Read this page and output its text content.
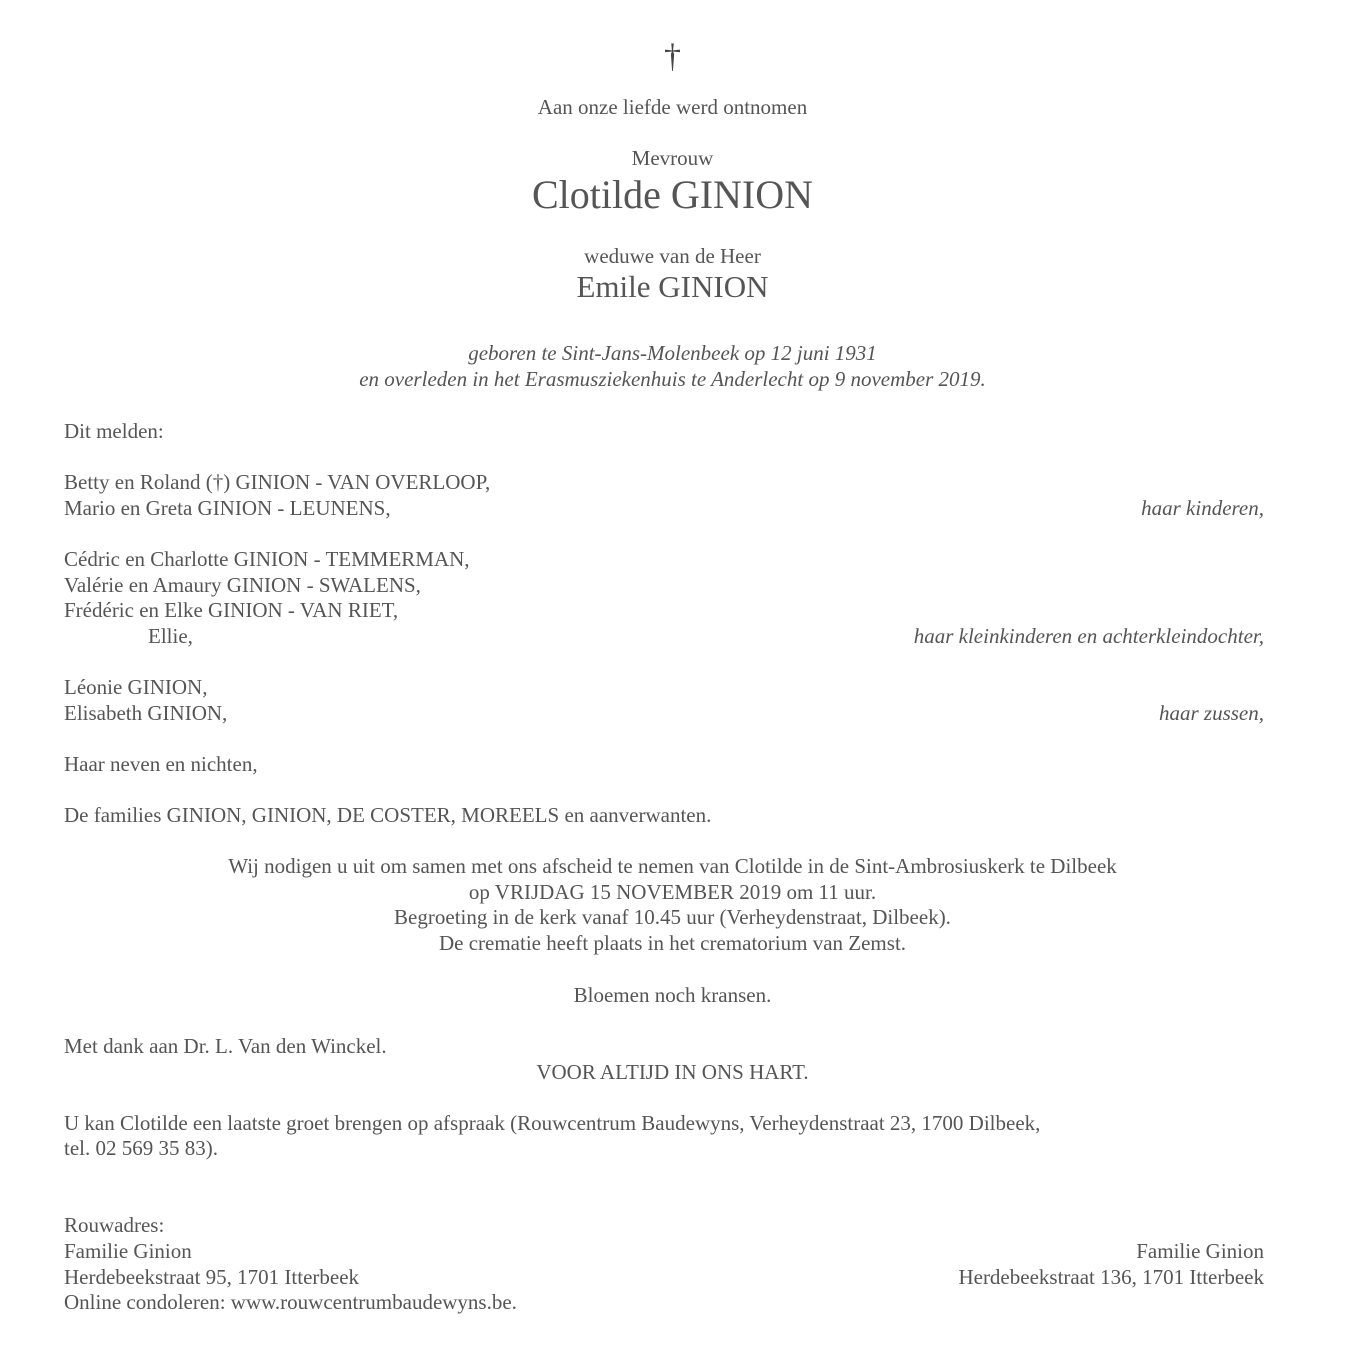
†
Aan onze liefde werd ontnomen
Mevrouw
Clotilde GINION
weduwe van de Heer
Emile GINION
geboren te Sint-Jans-Molenbeek op 12 juni 1931
en overleden in het Erasmusziekenhuis te Anderlecht op 9 november 2019.
Dit melden:
Betty en Roland (†) GINION - VAN OVERLOOP,
Mario en Greta GINION - LEUNENS,	haar kinderen,
Cédric en Charlotte GINION - TEMMERMAN,
Valérie en Amaury GINION - SWALENS,
Frédéric en Elke GINION - VAN RIET,
Ellie,	haar kleinkinderen en achterkleindochter,
Léonie GINION,
Elisabeth GINION,	haar zussen,
Haar neven en nichten,
De families GINION, GINION, DE COSTER, MOREELS en aanverwanten.
Wij nodigen u uit om samen met ons afscheid te nemen van Clotilde in de Sint-Ambrosiuskerk te Dilbeek
op VRIJDAG 15 NOVEMBER 2019 om 11 uur.
Begroeting in de kerk vanaf 10.45 uur (Verheydenstraat, Dilbeek).
De crematie heeft plaats in het crematorium van Zemst.
Bloemen noch kransen.
Met dank aan Dr. L. Van den Winckel.
VOOR ALTIJD IN ONS HART.
U kan Clotilde een laatste groet brengen op afspraak (Rouwcentrum Baudewyns, Verheydenstraat 23, 1700 Dilbeek,
tel. 02 569 35 83).
Rouwadres:
Familie Ginion	Familie Ginion
Herdebeekstraat 95, 1701 Itterbeek	Herdebeekstraat 136, 1701 Itterbeek
Online condoleren: www.rouwcentrumbaudewyns.be.
